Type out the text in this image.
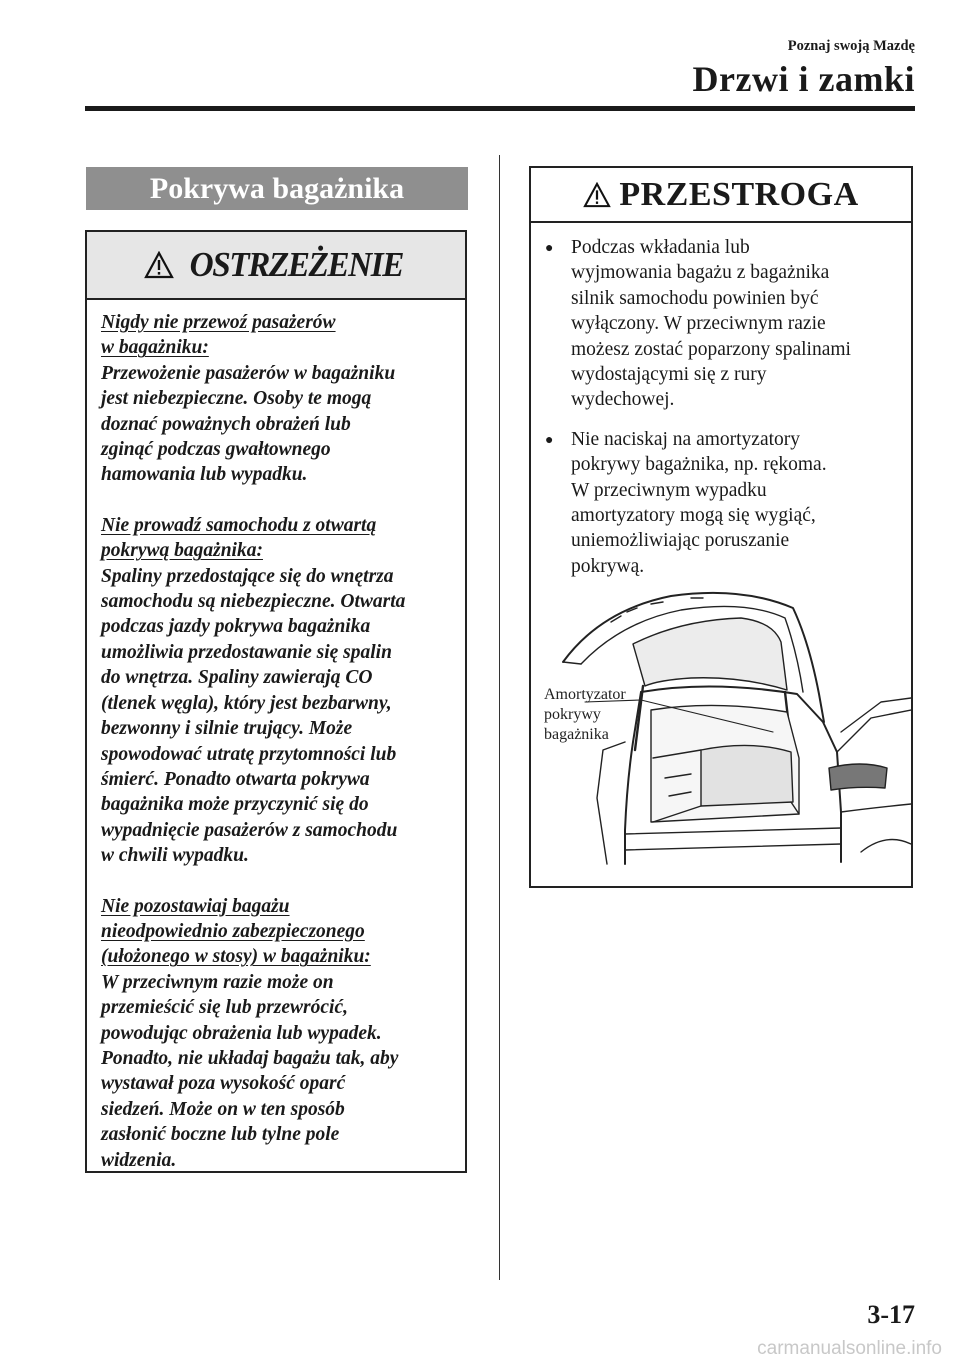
Poznaj swoją Mazdę
Drzwi i zamki
Pokrywa bagażnika
OSTRZEŻENIE

Nigdy nie przewoź pasażerów
w bagażniku:

Przewożenie pasażerów w bagażniku
jest niebezpieczne. Osoby te mogą
doznać poważnych obrażeń lub
zginąć podczas gwałtownego
hamowania lub wypadku.

Nie prowadź samochodu z otwartą
pokrywą bagażnika:

Spaliny przedostające się do wnętrza
samochodu są niebezpieczne. Otwarta
podczas jazdy pokrywa bagażnika
umożliwia przedostawanie się spalin
do wnętrza. Spaliny zawierają CO
(tlenek węgla), który jest bezbarwny,
bezwonny i silnie trujący. Może
spowodować utratę przytomności lub
śmierć. Ponadto otwarta pokrywa
bagażnika może przyczynić się do
wypadnięcie pasażerów z samochodu
w chwili wypadku.

Nie pozostawiaj bagażu
nieodpowiednio zabezpieczonego
(ułożonego w stosy) w bagażniku:

W przeciwnym razie może on
przemieścić się lub przewrócić,
powodując obrażenia lub wypadek.
Ponadto, nie układaj bagażu tak, aby
wystawał poza wysokość oparć
siedzeń. Może on w ten sposób
zasłonić boczne lub tylne pole
widzenia.

PRZESTROGA
● Podczas wkładania lub
wyjmowania bagażu z bagażnika
silnik samochodu powinien być
wyłączony. W przeciwnym razie
możesz zostać poparzony spalinami
wydostającymi się z rury
wydechowej.
● Nie naciskaj na amortyzatory
pokrywy bagażnika, np. rękoma.
W przeciwnym wypadku
amortyzatory mogą się wygiąć,
uniemożliwiając poruszanie
pokrywą.
Amortyzator
pokrywy
bagażnika
3-17
carmanualsonline.info
